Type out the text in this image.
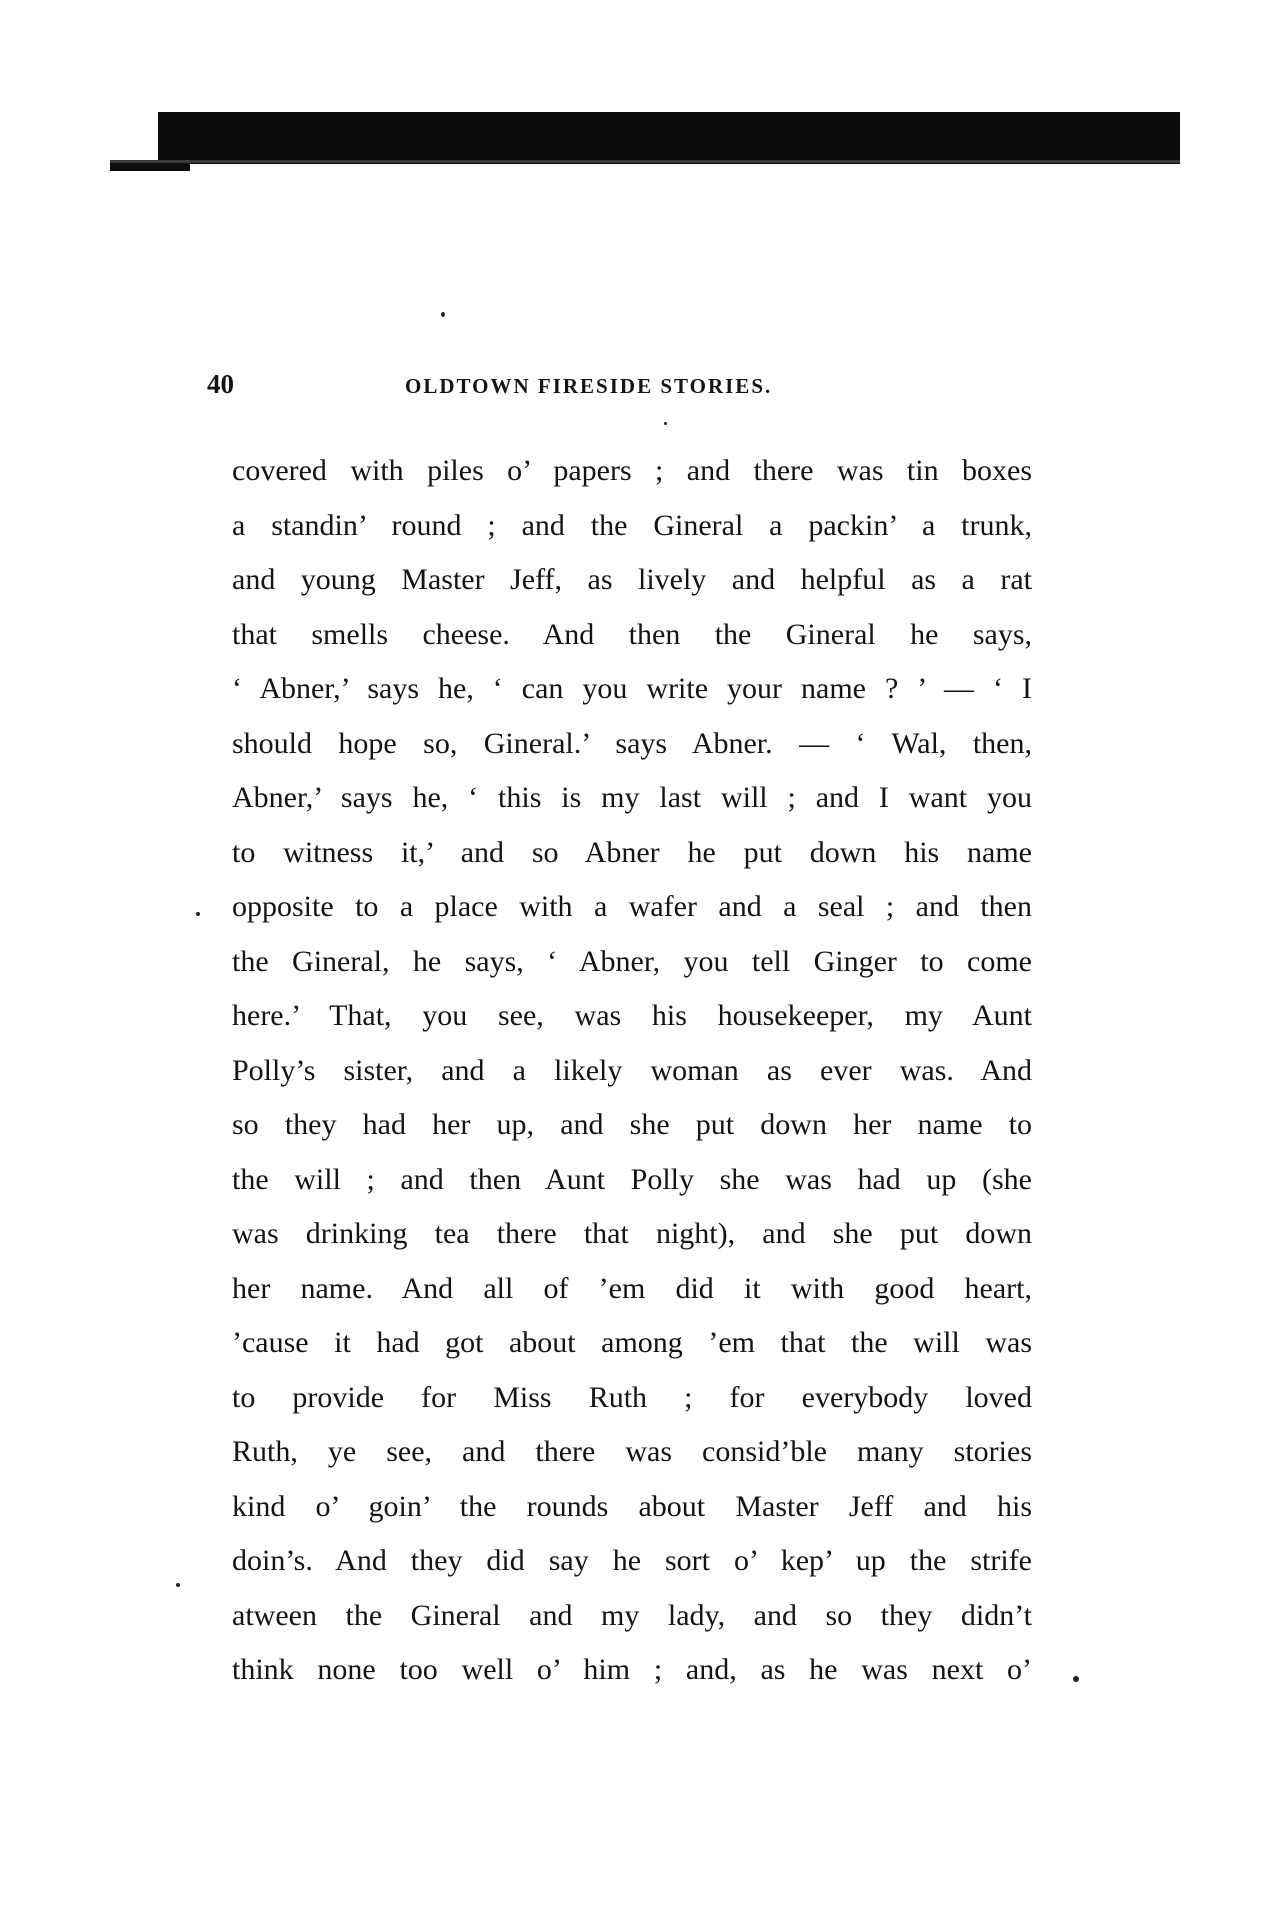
40	OLDTOWN FIRESIDE STORIES.
covered with piles o’ papers ; and there was tin boxes
a standin’ round ; and the Gineral a packin’ a trunk,
and young Master Jeff, as lively and helpful as a rat
that smells cheese. And then the Gineral he says,
‘ Abner,’ says he, ‘ can you write your name ? ’ — ‘ I
should hope so, Gineral.’ says Abner. — ‘ Wal, then,
Abner,’ says he, ‘ this is my last will ; and I want you
to witness it,’ and so Abner he put down his name
opposite to a place with a wafer and a seal ; and then
the Gineral, he says, ‘ Abner, you tell Ginger to come
here.’ That, you see, was his housekeeper, my Aunt
Polly’s sister, and a likely woman as ever was. And
so they had her up, and she put down her name to
the will ; and then Aunt Polly she was had up (she
was drinking tea there that night), and she put down
her name. And all of ’em did it with good heart,
’cause it had got about among ’em that the will was
to provide for Miss Ruth ; for everybody loved
Ruth, ye see, and there was consid’ble many stories
kind o’ goin’ the rounds about Master Jeff and his
doin’s. And they did say he sort o’ kep’ up the strife
atween the Gineral and my lady, and so they didn’t
think none too well o’ him ; and, as he was next o’
